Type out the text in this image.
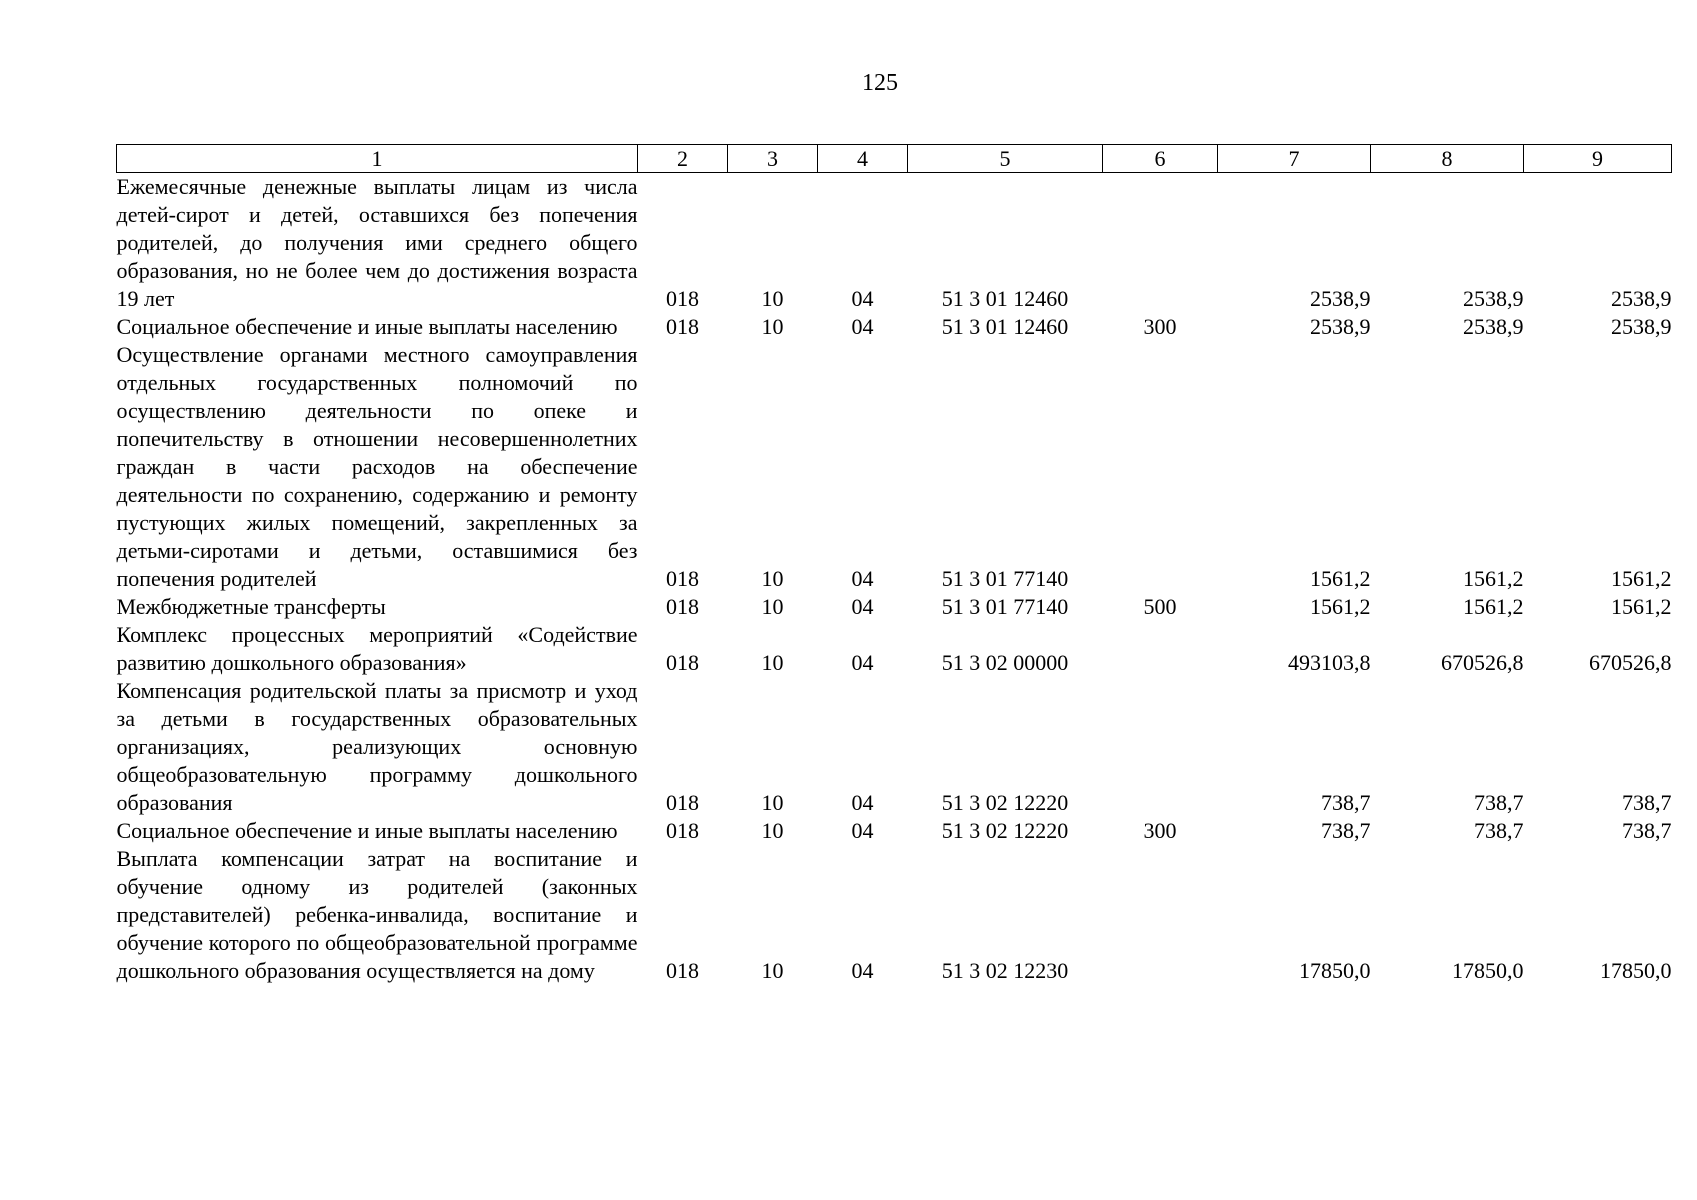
125
1	2	3	4	5	6	7	8	9
Ежемесячные денежные выплаты лицам из числа детей-сирот и детей, оставшихся без попечения родителей, до получения ими среднего общего образования, но не более чем до достижения возраста 19 лет	018	10	04	51 3 01 12460		2538,9	2538,9	2538,9
Социальное обеспечение и иные выплаты населению	018	10	04	51 3 01 12460	300	2538,9	2538,9	2538,9
Осуществление органами местного самоуправления отдельных государственных полномочий по осуществлению деятельности по опеке и попечительству в отношении несовершеннолетних граждан в части расходов на обеспечение деятельности по сохранению, содержанию и ремонту пустующих жилых помещений, закрепленных за детьми-сиротами и детьми, оставшимися без попечения родителей	018	10	04	51 3 01 77140		1561,2	1561,2	1561,2
Межбюджетные трансферты	018	10	04	51 3 01 77140	500	1561,2	1561,2	1561,2
Комплекс процессных мероприятий «Содействие развитию дошкольного образования»	018	10	04	51 3 02 00000		493103,8	670526,8	670526,8
Компенсация родительской платы за присмотр и уход за детьми в государственных образовательных организациях, реализующих основную общеобразовательную программу дошкольного образования	018	10	04	51 3 02 12220		738,7	738,7	738,7
Социальное обеспечение и иные выплаты населению	018	10	04	51 3 02 12220	300	738,7	738,7	738,7
Выплата компенсации затрат на воспитание и обучение одному из родителей (законных представителей) ребенка-инвалида, воспитание и обучение которого по общеобразовательной программе дошкольного образования осуществляется на дому	018	10	04	51 3 02 12230		17850,0	17850,0	17850,0
